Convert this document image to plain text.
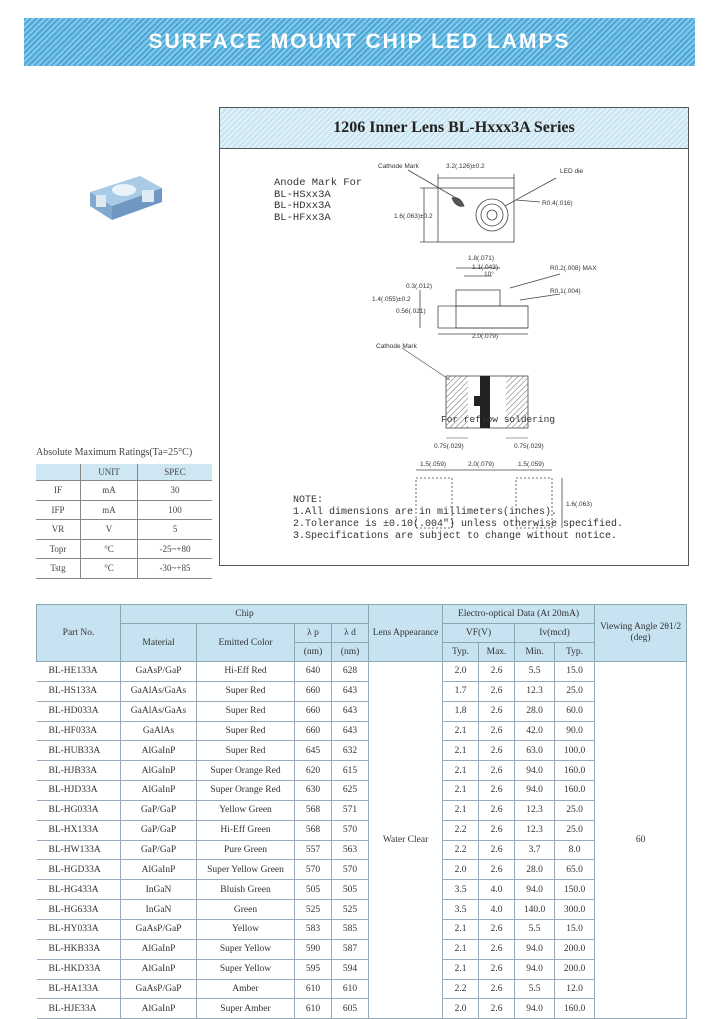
SURFACE MOUNT CHIP LED LAMPS
1206 Inner Lens BL-Hxxx3A Series
Cathode Mark	3.2(.126)±0.2
LED die
1.6(.063)±0.2
R0.4(.016)
1.8(.071)
1.1(.043)
10°
R0.2(.008) MAX
0.3(.012)
R0.1(.004)
1.4(.055)±0.2
0.56(.021)
2.0(.079)
Cathode Mark
0.75(.029)	0.75(.029)
1.5(.059)	2.0(.079)	1.5(.059)
1.6(.063)
Anode Mark For
BL-HSxx3A
BL-HDxx3A
BL-HFxx3A
For reflow soldering
NOTE:
1.All dimensions are in millimeters(inches).
2.Tolerance is ±0.10(.004") unless otherwise specified.
3.Specifications are subject to change without notice.
Absolute Maximum Ratings(Ta=25°C)
	UNIT	SPEC
IF	mA	30
IFP	mA	100
VR	V	5
Topr	°C	-25~+80
Tstg	°C	-30~+85
Part No.	Chip				Lens Appearance	Electro-optical Data (At 20mA)				Viewing Angle 2θ1/2 (deg)
	Material	Emitted Color	λ p	λ d		VF(V)		Iv(mcd)		
			(nm)	(nm)		Typ.	Max.	Min.	Typ.	
BL-HE133A	GaAsP/GaP	Hi-Eff Red	640	628	Water Clear	2.0	2.6	5.5	15.0	60
BL-HS133A	GaAlAs/GaAs	Super Red	660	643		1.7	2.6	12.3	25.0	
BL-HD033A	GaAlAs/GaAs	Super Red	660	643		1.8	2.6	28.0	60.0	
BL-HF033A	GaAlAs	Super Red	660	643		2.1	2.6	42.0	90.0	
BL-HUB33A	AlGaInP	Super Red	645	632		2.1	2.6	63.0	100.0	
BL-HJB33A	AlGaInP	Super Orange Red	620	615		2.1	2.6	94.0	160.0	
BL-HJD33A	AlGaInP	Super Orange Red	630	625		2.1	2.6	94.0	160.0	
BL-HG033A	GaP/GaP	Yellow Green	568	571		2.1	2.6	12.3	25.0	
BL-HX133A	GaP/GaP	Hi-Eff Green	568	570		2.2	2.6	12.3	25.0	
BL-HW133A	GaP/GaP	Pure Green	557	563		2.2	2.6	3.7	8.0	
BL-HGD33A	AlGaInP	Super Yellow Green	570	570		2.0	2.6	28.0	65.0	
BL-HG433A	InGaN	Bluish Green	505	505		3.5	4.0	94.0	150.0	
BL-HG633A	InGaN	Green	525	525		3.5	4.0	140.0	300.0	
BL-HY033A	GaAsP/GaP	Yellow	583	585		2.1	2.6	5.5	15.0	
BL-HKB33A	AlGaInP	Super Yellow	590	587		2.1	2.6	94.0	200.0	
BL-HKD33A	AlGaInP	Super Yellow	595	594		2.1	2.6	94.0	200.0	
BL-HA133A	GaAsP/GaP	Amber	610	610		2.2	2.6	5.5	12.0	
BL-HJE33A	AlGaInP	Super Amber	610	605		2.0	2.6	94.0	160.0	
